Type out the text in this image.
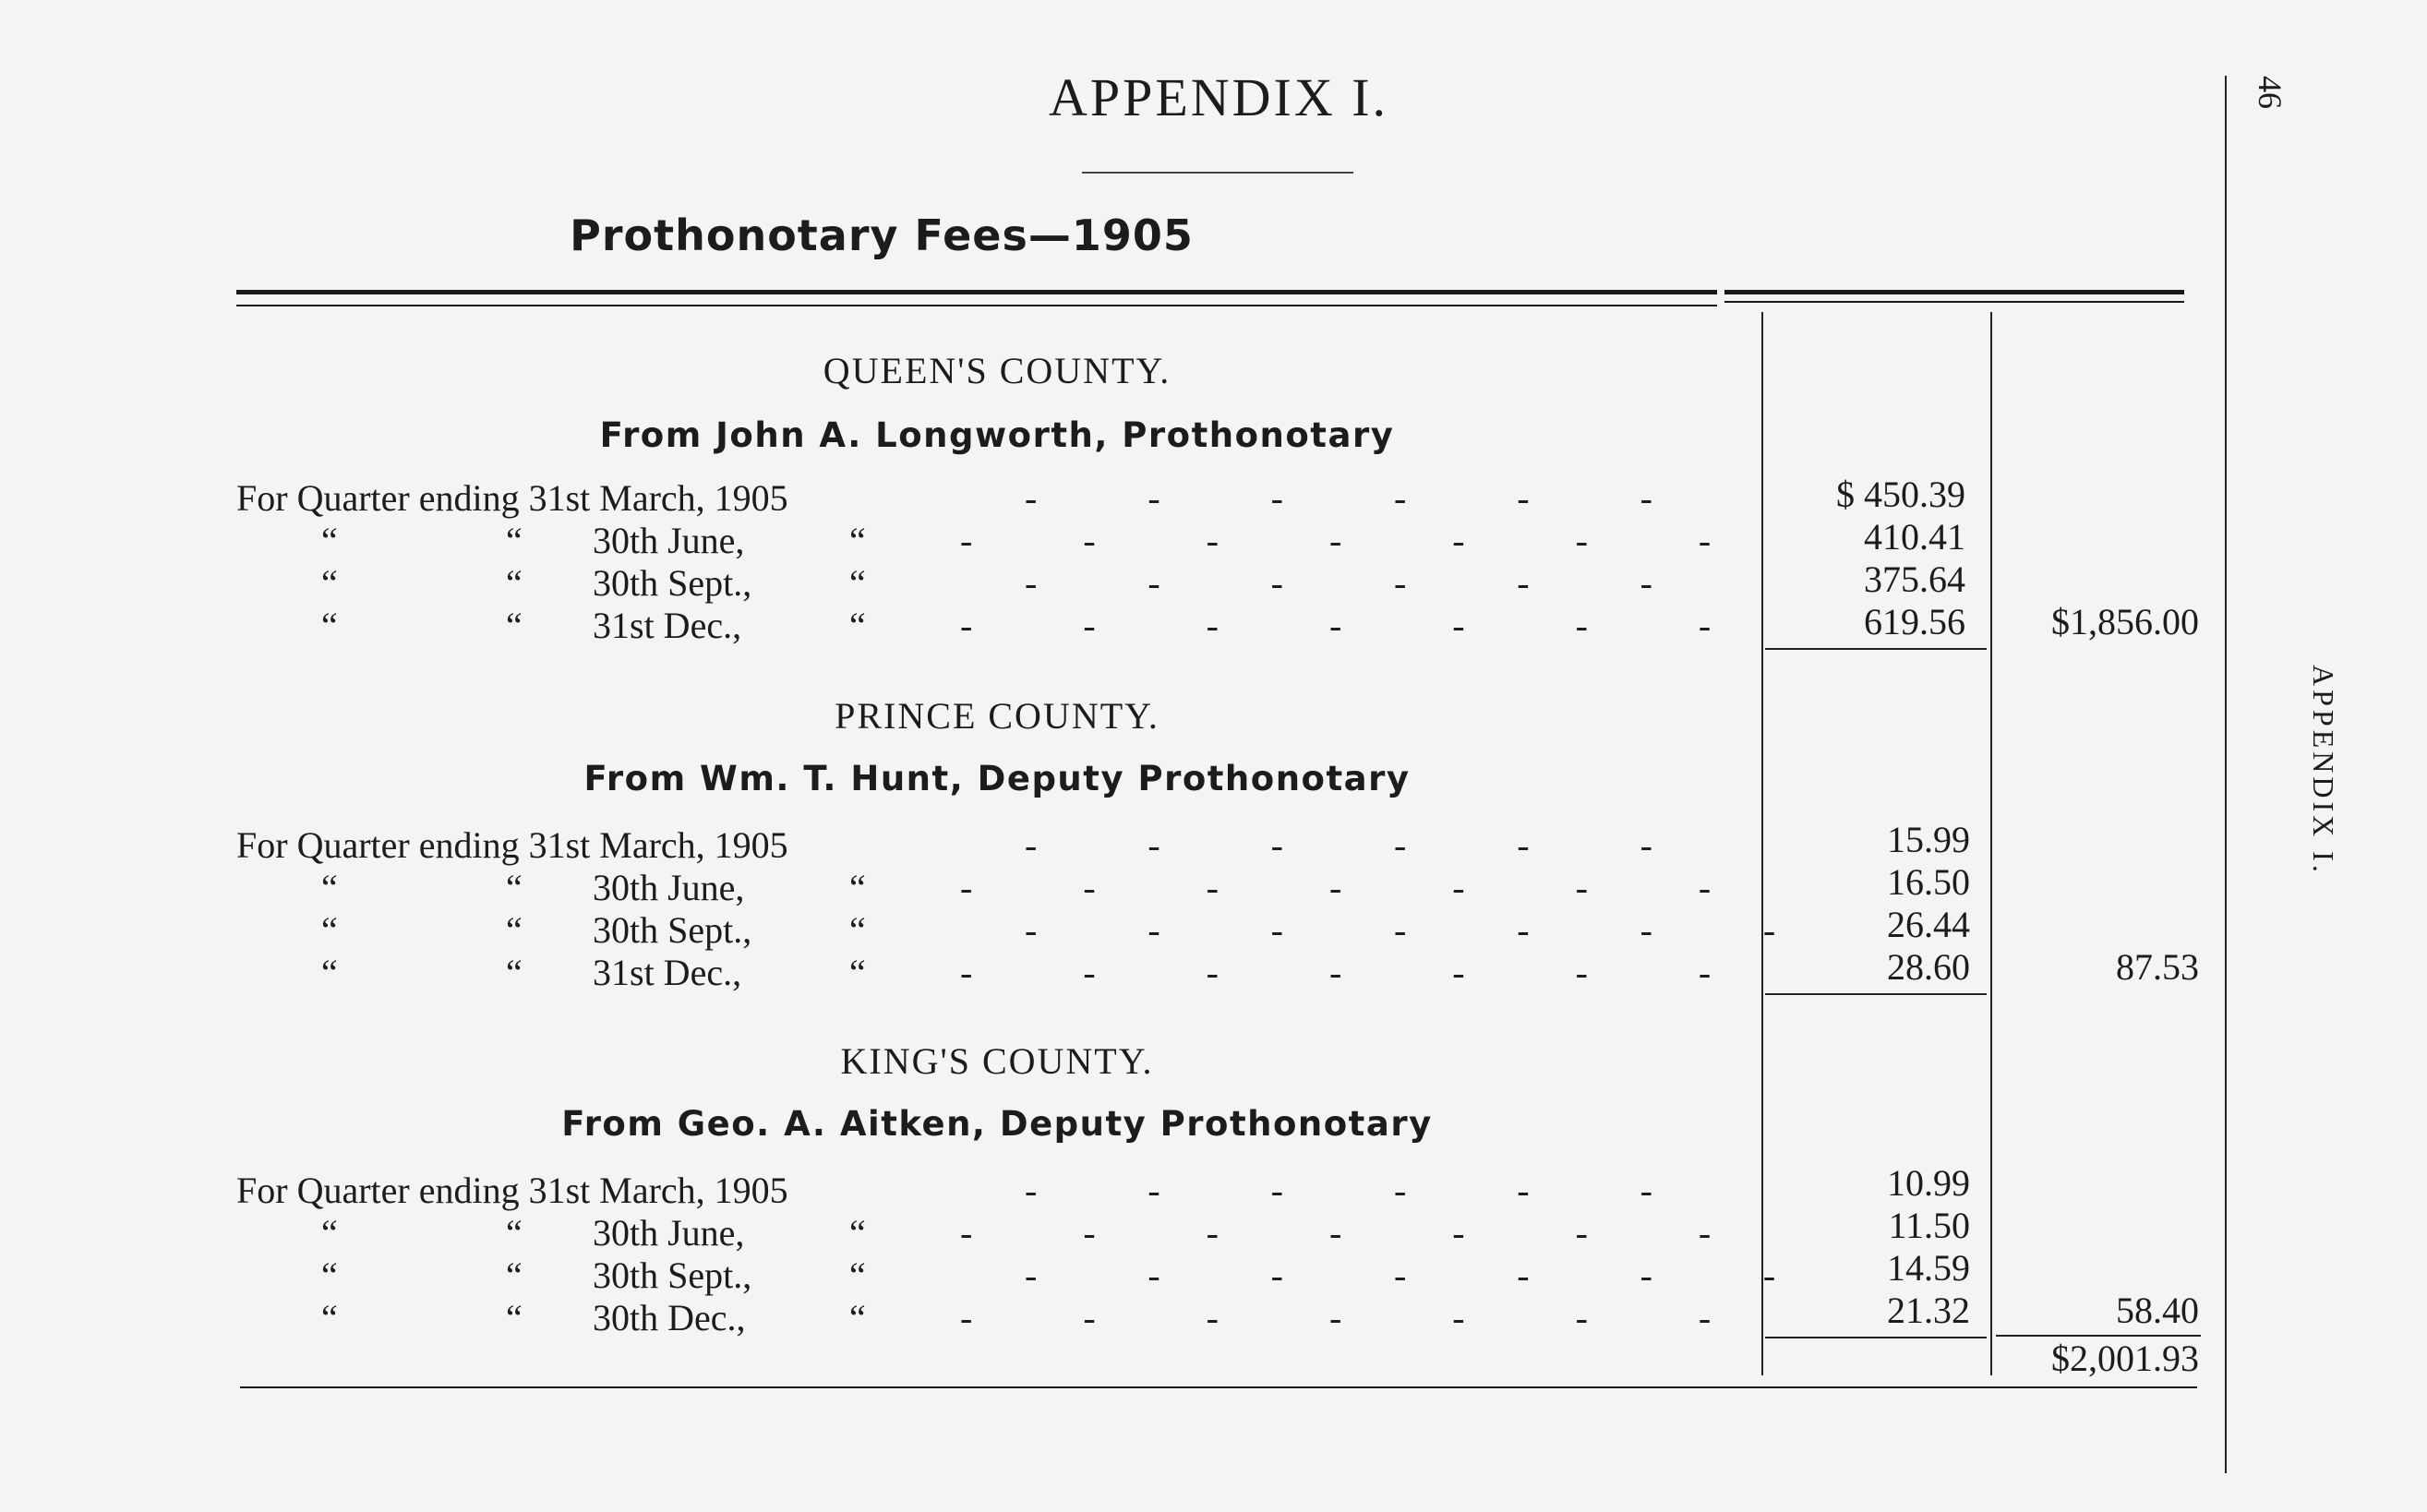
APPENDIX I.	46
Prothonotary Fees—1905
QUEEN'S COUNTY.
From John A. Longworth, Prothonotary
For Quarter ending 31st March, 1905	- - - - - -	$ 450.39
“	“ 30th June,	“	- - - - - - -	410.41
“	“ 30th Sept.,	“	- - - - - -	375.64
“	“ 31st Dec.,	“	- - - - - - -	619.56 $1,856.00
PRINCE COUNTY.
From Wm. T. Hunt, Deputy Prothonotary
For Quarter ending 31st March, 1905	- - - - - -	15.99
“	“ 30th June,	“	- - - - - - -	16.50
“	“ 30th Sept.,	“	- - - - - - -	26.44
“	“ 31st Dec.,	“	- - - - - - -	28.60	87.53
KING'S COUNTY.
From Geo. A. Aitken, Deputy Prothonotary
For Quarter ending 31st March, 1905	- - - - - -	10.99
“	“ 30th June,	“	- - - - - - -	11.50
“	“ 30th Sept.,	“	- - - - - - -	14.59
“	“ 30th Dec.,	“	- - - - - - -	21.32	58.40
$2,001.93
APPENDIX I.
